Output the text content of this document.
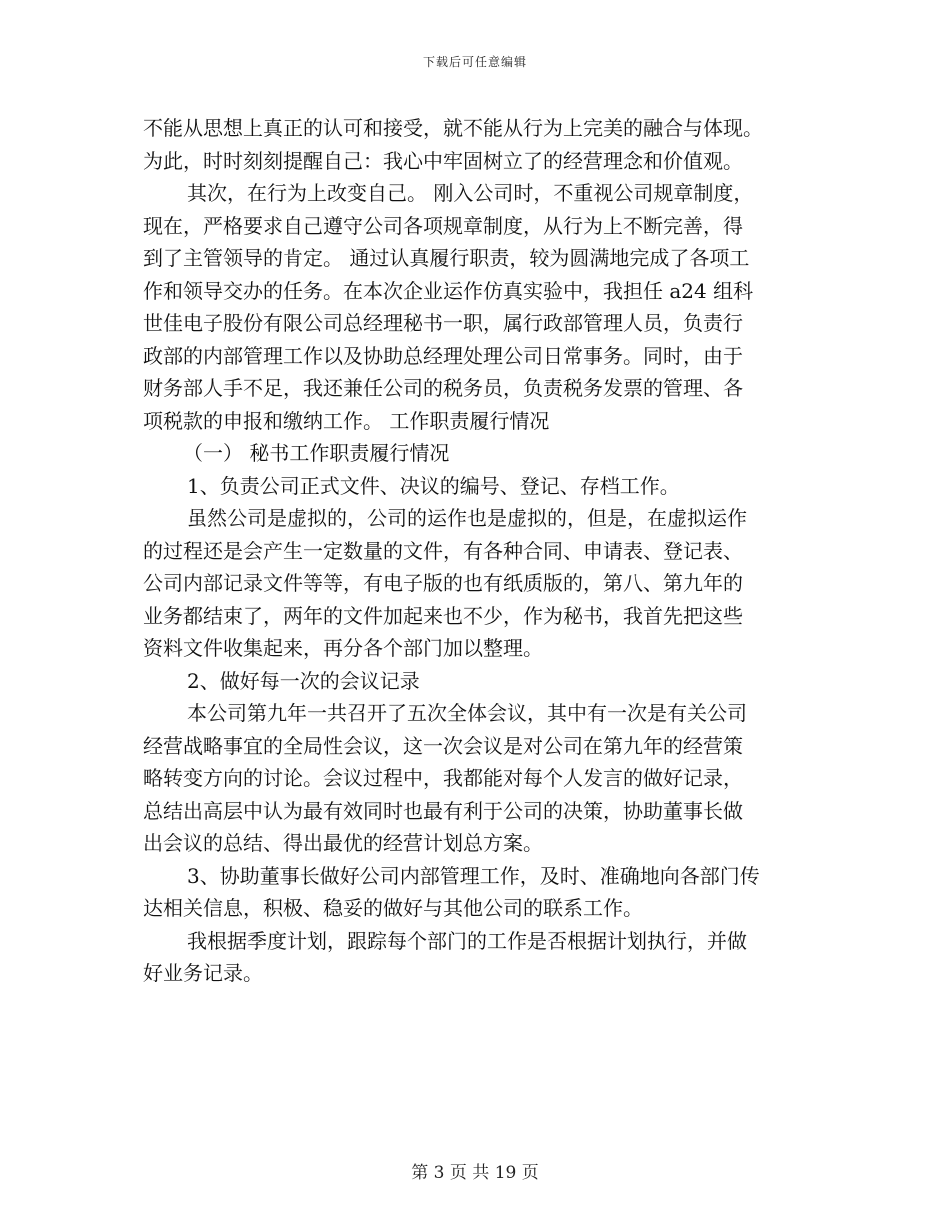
下载后可任意编辑
不能从思想上真正的认可和接受，就不能从行为上完美的融合与体现。
为此，时时刻刻提醒自己：我心中牢固树立了的经营理念和价值观。
其次，在行为上改变自己。 刚入公司时，不重视公司规章制度，
现在，严格要求自己遵守公司各项规章制度，从行为上不断完善，得
到了主管领导的肯定。 通过认真履行职责，较为圆满地完成了各项工
作和领导交办的任务。在本次企业运作仿真实验中，我担任 a24 组科
世佳电子股份有限公司总经理秘书一职，属行政部管理人员，负责行
政部的内部管理工作以及协助总经理处理公司日常事务。同时，由于
财务部人手不足，我还兼任公司的税务员，负责税务发票的管理、各
项税款的申报和缴纳工作。 工作职责履行情况
（一） 秘书工作职责履行情况
1、负责公司正式文件、决议的编号、登记、存档工作。
虽然公司是虚拟的，公司的运作也是虚拟的，但是，在虚拟运作
的过程还是会产生一定数量的文件，有各种合同、申请表、登记表、
公司内部记录文件等等，有电子版的也有纸质版的，第八、第九年的
业务都结束了，两年的文件加起来也不少，作为秘书，我首先把这些
资料文件收集起来，再分各个部门加以整理。
2、做好每一次的会议记录
本公司第九年一共召开了五次全体会议，其中有一次是有关公司
经营战略事宜的全局性会议，这一次会议是对公司在第九年的经营策
略转变方向的讨论。会议过程中，我都能对每个人发言的做好记录，
总结出高层中认为最有效同时也最有利于公司的决策，协助董事长做
出会议的总结、得出最优的经营计划总方案。
3、协助董事长做好公司内部管理工作，及时、准确地向各部门传
达相关信息，积极、稳妥的做好与其他公司的联系工作。
我根据季度计划，跟踪每个部门的工作是否根据计划执行，并做
好业务记录。
第 3 页 共 19 页
